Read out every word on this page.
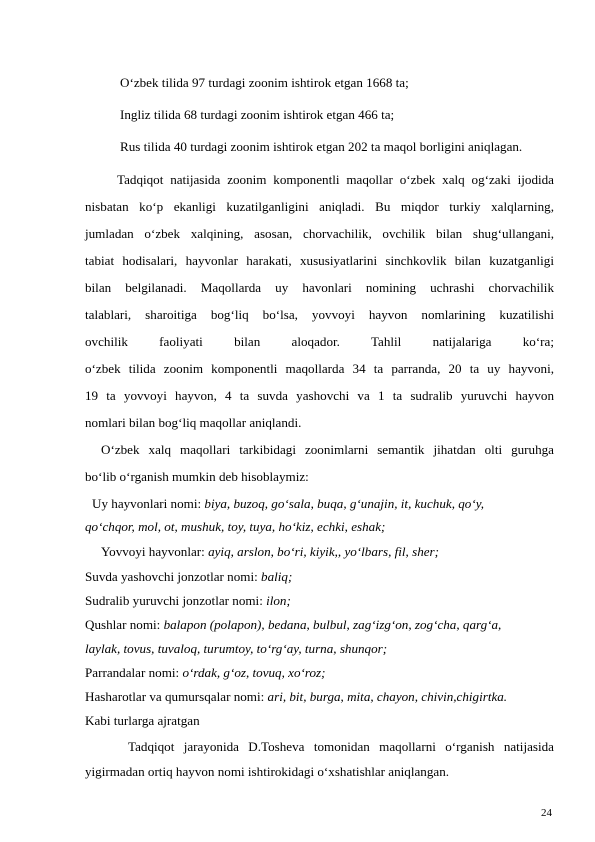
O‘zbek tilida 97 turdagi zoonim ishtirok etgan 1668 ta;
Ingliz tilida 68 turdagi zoonim ishtirok etgan 466 ta;
Rus tilida 40 turdagi zoonim ishtirok etgan 202 ta maqol borligini aniqlagan.
Tadqiqot natijasida zoonim komponentli maqollar o‘zbek xalq og‘zaki ijodida
nisbatan ko‘p ekanligi kuzatilganligini aniqladi. Bu miqdor turkiy xalqlarning,
jumladan o‘zbek xalqining, asosan, chorvachilik, ovchilik bilan shug‘ullangani,
tabiat hodisalari, hayvonlar harakati, xususiyatlarini sinchkovlik bilan kuzatganligi
bilan belgilanadi. Maqollarda uy havonlari nomining uchrashi chorvachilik
talablari, sharoitiga bog‘liq bo‘lsa, yovvoyi hayvon nomlarining kuzatilishi
ovchilik faoliyati bilan aloqador. Tahlil natijalariga ko‘ra;
o‘zbek tilida zoonim komponentli maqollarda 34 ta parranda, 20 ta uy hayvoni,
19 ta yovvoyi hayvon, 4 ta suvda yashovchi va 1 ta sudralib yuruvchi hayvon
nomlari bilan bog‘liq maqollar aniqlandi.
O‘zbek xalq maqollari tarkibidagi zoonimlarni semantik jihatdan olti guruhga
bo‘lib o‘rganish mumkin deb hisoblaymiz:
Uy hayvonlari nomi: biya, buzoq, go‘sala, buqa, g‘unajin, it, kuchuk, qo‘y,
qo‘chqor, mol, ot, mushuk, toy, tuya, ho‘kiz, echki, eshak;
Yovvoyi hayvonlar: ayiq, arslon, bo‘ri, kiyik,, yo‘lbars, fil, sher;
Suvda yashovchi jonzotlar nomi: baliq;
Sudralib yuruvchi jonzotlar nomi: ilon;
Qushlar nomi: balapon (polapon), bedana, bulbul, zag‘izg‘on, zog‘cha, qarg‘a,
laylak, tovus, tuvaloq, turumtoy, to‘rg‘ay, turna, shunqor;
Parrandalar nomi: o‘rdak, g‘oz, tovuq, xo‘roz;
Hasharotlar va qumursqalar nomi: ari, bit, burga, mita, chayon, chivin,chigirtka.
Kabi turlarga ajratgan
Tadqiqot jarayonida D.Tosheva tomonidan maqollarni o‘rganish natijasida
yigirmadan ortiq hayvon nomi ishtirokidagi o‘xshatishlar aniqlangan.
24
